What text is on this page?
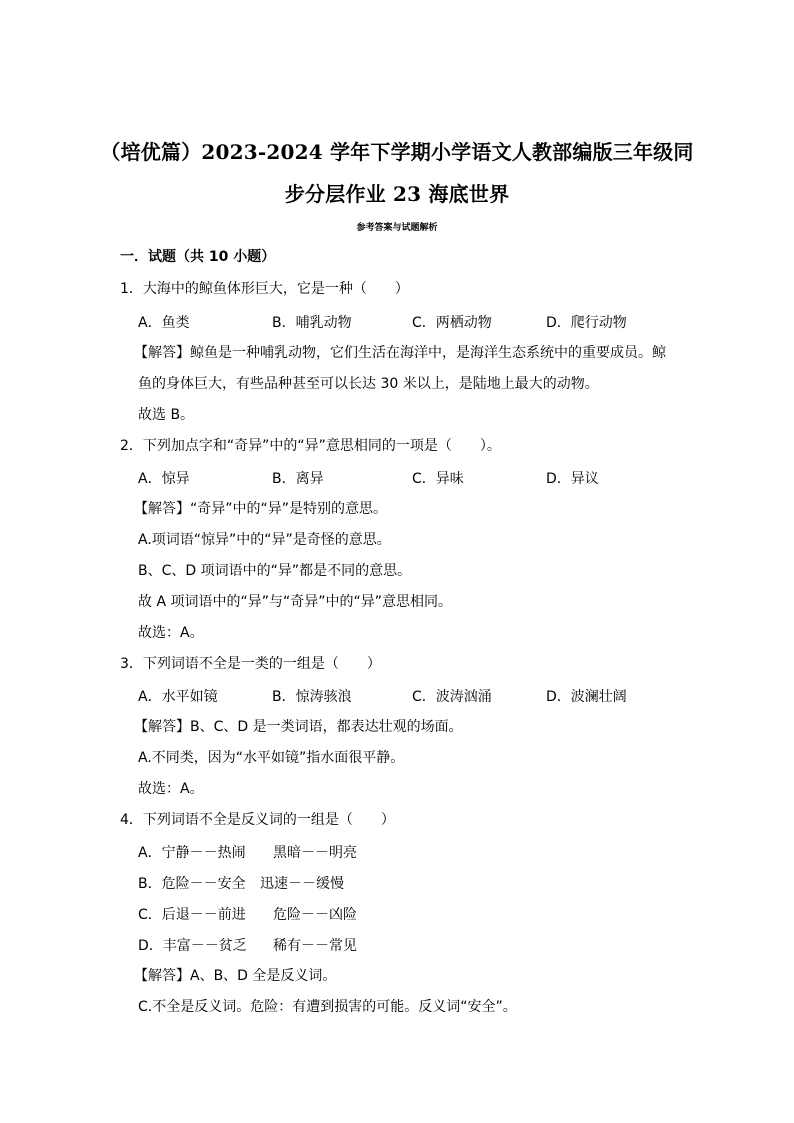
（培优篇）2023-2024 学年下学期小学语文人教部编版三年级同
步分层作业 23 海底世界
参考答案与试题解析
一．试题（共 10 小题）
1．大海中的鲸鱼体形巨大，它是一种（　　）
A．鱼类	B．哺乳动物	C．两栖动物	D．爬行动物
【解答】鲸鱼是一种哺乳动物，它们生活在海洋中，是海洋生态系统中的重要成员。鲸
鱼的身体巨大，有些品种甚至可以长达 30 米以上，是陆地上最大的动物。
故选 B。
2．下列加点字和“奇异”中的“异”意思相同的一项是（　　）。
A．惊异	B．离异	C．异味	D．异议
【解答】“奇异”中的“异”是特别的意思。
A.项词语“惊异”中的“异”是奇怪的意思。
B、C、D 项词语中的“异”都是不同的意思。
故 A 项词语中的“异”与“奇异”中的“异”意思相同。
故选：A。
3．下列词语不全是一类的一组是（　　）
A．水平如镜	B．惊涛骇浪	C．波涛汹涌	D．波澜壮阔
【解答】B、C、D 是一类词语，都表达壮观的场面。
A.不同类，因为“水平如镜”指水面很平静。
故选：A。
4．下列词语不全是反义词的一组是（　　）
A．宁静－－热闹 黑暗－－明亮
B．危险－－安全 迅速－－缓慢
C．后退－－前进 危险－－凶险
D．丰富－－贫乏 稀有－－常见
【解答】A、B、D 全是反义词。
C.不全是反义词。危险：有遭到损害的可能。反义词“安全”。
